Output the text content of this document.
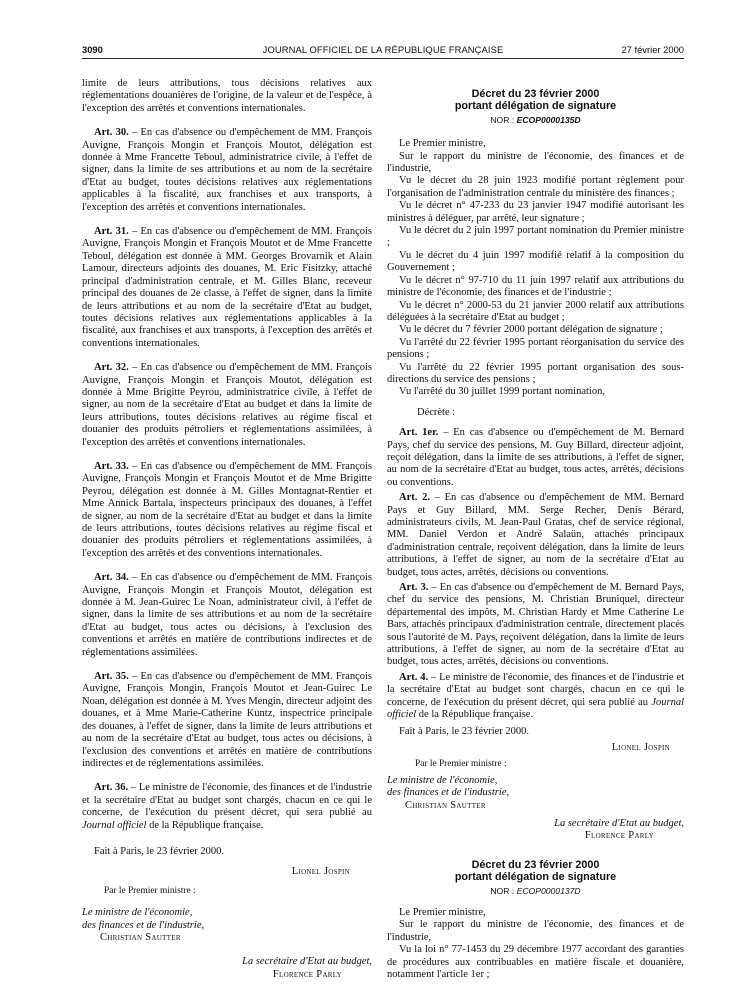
3090	JOURNAL OFFICIEL DE LA RÉPUBLIQUE FRANÇAISE	27 février 2000

limite de leurs attributions, tous décisions relatives aux réglementations douanières de l'origine, de la valeur et de l'espèce, à l'exception des arrêtés et conventions internationales.

Art. 30. – En cas d'absence ou d'empêchement de MM. François Auvigne, François Mongin et François Moutot, délégation est donnée à Mme Francette Teboul, administratrice civile, à l'effet de signer, dans la limite de ses attributions et au nom de la secrétaire d'Etat au budget, toutes décisions relatives aux réglementations applicables à la fiscalité, aux franchises et aux transports, à l'exception des arrêtés et conventions internationales.

Art. 31. – En cas d'absence ou d'empêchement de MM. François Auvigne, François Mongin et François Moutot et de Mme Francette Teboul, délégation est donnée à MM. Georges Brovarnik et Alain Lamour, directeurs adjoints des douanes, M. Eric Fisitzky, attaché principal d'administration centrale, et M. Gilles Blanc, receveur principal des douanes de 2e classe, à l'effet de signer, dans la limite de leurs attributions et au nom de la secrétaire d'Etat au budget, toutes décisions relatives aux réglementations applicables à la fiscalité, aux franchises et aux transports, à l'exception des arrêtés et conventions internationales.

Art. 32. – En cas d'absence ou d'empêchement de MM. François Auvigne, François Mongin et François Moutot, délégation est donnée à Mme Brigitte Peyrou, administratrice civile, à l'effet de signer, au nom de la secrétaire d'Etat au budget et dans la limite de leurs attributions, toutes décisions relatives au régime fiscal et douanier des produits pétroliers et réglementations assimilées, à l'exception des arrêtés et conventions internationales.

Art. 33. – En cas d'absence ou d'empêchement de MM. François Auvigne, François Mongin et François Moutot et de Mme Brigitte Peyrou, délégation est donnée à M. Gilles Montagnat-Rentier et Mme Annick Bartala, inspecteurs principaux des douanes, à l'effet de signer, au nom de la secrétaire d'Etat au budget et dans la limite de leurs attributions, toutes décisions relatives au régime fiscal et douanier des produits pétroliers et réglementations assimilées, à l'exception des arrêtés et des conventions internationales.

Art. 34. – En cas d'absence ou d'empêchement de MM. François Auvigne, François Mongin et François Moutot, délégation est donnée à M. Jean-Guirec Le Noan, administrateur civil, à l'effet de signer, dans la limite de ses attributions et au nom de la secrétaire d'Etat au budget, tous actes ou décisions, à l'exclusion des conventions et arrêtés en matière de contributions indirectes et de réglementations assimilées.

Art. 35. – En cas d'absence ou d'empêchement de MM. François Auvigne, François Mongin, François Moutot et Jean-Guirec Le Noan, délégation est donnée à M. Yves Mengin, directeur adjoint des douanes, et à Mme Marie-Catherine Kuntz, inspectrice principale des douanes, à l'effet de signer, dans la limite de leurs attributions et au nom de la secrétaire d'Etat au budget, tous actes ou décisions, à l'exclusion des conventions et arrêtés en matière de contributions indirectes et de réglementations assimilées.

Art. 36. – Le ministre de l'économie, des finances et de l'industrie et la secrétaire d'Etat au budget sont chargés, chacun en ce qui le concerne, de l'exécution du présent décret, qui sera publié au Journal officiel de la République française.

Fait à Paris, le 23 février 2000.

Lionel Jospin

Par le Premier ministre :

Le ministre de l'économie,
des finances et de l'industrie,
Christian Sautter
La secrétaire d'Etat au budget,
Florence Parly
Décret du 23 février 2000
portant délégation de signature
NOR : ECOP0000135D

Le Premier ministre,

Sur le rapport du ministre de l'économie, des finances et de l'industrie,

Vu le décret du 28 juin 1923 modifié portant règlement pour l'organisation de l'administration centrale du ministère des finances ;

Vu le décret n° 47-233 du 23 janvier 1947 modifié autorisant les ministres à déléguer, par arrêté, leur signature ;

Vu le décret du 2 juin 1997 portant nomination du Premier ministre ;

Vu le décret du 4 juin 1997 modifié relatif à la composition du Gouvernement ;

Vu le décret n° 97-710 du 11 juin 1997 relatif aux attributions du ministre de l'économie, des finances et de l'industrie ;

Vu le décret n° 2000-53 du 21 janvier 2000 relatif aux attributions déléguées à la secrétaire d'Etat au budget ;

Vu le décret du 7 février 2000 portant délégation de signature ;

Vu l'arrêté du 22 février 1995 portant réorganisation du service des pensions ;

Vu l'arrêté du 22 février 1995 portant organisation des sous-directions du service des pensions ;

Vu l'arrêté du 30 juillet 1999 portant nomination,

Décrète :

Art. 1er. – En cas d'absence ou d'empêchement de M. Bernard Pays, chef du service des pensions, M. Guy Billard, directeur adjoint, reçoit délégation, dans la limite de ses attributions, à l'effet de signer, au nom de la secrétaire d'Etat au budget, tous actes, arrêtés, décisions ou conventions.

Art. 2. – En cas d'absence ou d'empêchement de MM. Bernard Pays et Guy Billard, MM. Serge Recher, Denis Bérard, administrateurs civils, M. Jean-Paul Gratas, chef de service régional, MM. Daniel Verdon et André Salaün, attachés principaux d'administration centrale, reçoivent délégation, dans la limite de leurs attributions, à l'effet de signer, au nom de la secrétaire d'Etat au budget, tous actes, arrêtés, décisions ou conventions.

Art. 3. – En cas d'absence ou d'empêchement de M. Bernard Pays, chef du service des pensions, M. Christian Bruniquel, directeur départemental des impôts, M. Christian Hardy et Mme Catherine Le Bars, attachés principaux d'administration centrale, directement placés sous l'autorité de M. Pays, reçoivent délégation, dans la limite de leurs attributions, à l'effet de signer, au nom de la secrétaire d'Etat au budget, tous actes, arrêtés, décisions ou conventions.

Art. 4. – Le ministre de l'économie, des finances et de l'industrie et la secrétaire d'Etat au budget sont chargés, chacun en ce qui le concerne, de l'exécution du présent décret, qui sera publié au Journal officiel de la République française.

Fait à Paris, le 23 février 2000.

Lionel Jospin

Par le Premier ministre :

Le ministre de l'économie,
des finances et de l'industrie,
Christian Sautter
La secrétaire d'Etat au budget,
Florence Parly
Décret du 23 février 2000
portant délégation de signature
NOR : ECOP0000137D

Le Premier ministre,

Sur le rapport du ministre de l'économie, des finances et de l'industrie,

Vu la loi n° 77-1453 du 29 décembre 1977 accordant des garanties de procédures aux contribuables en matière fiscale et douanière, notamment l'article 1er ;
